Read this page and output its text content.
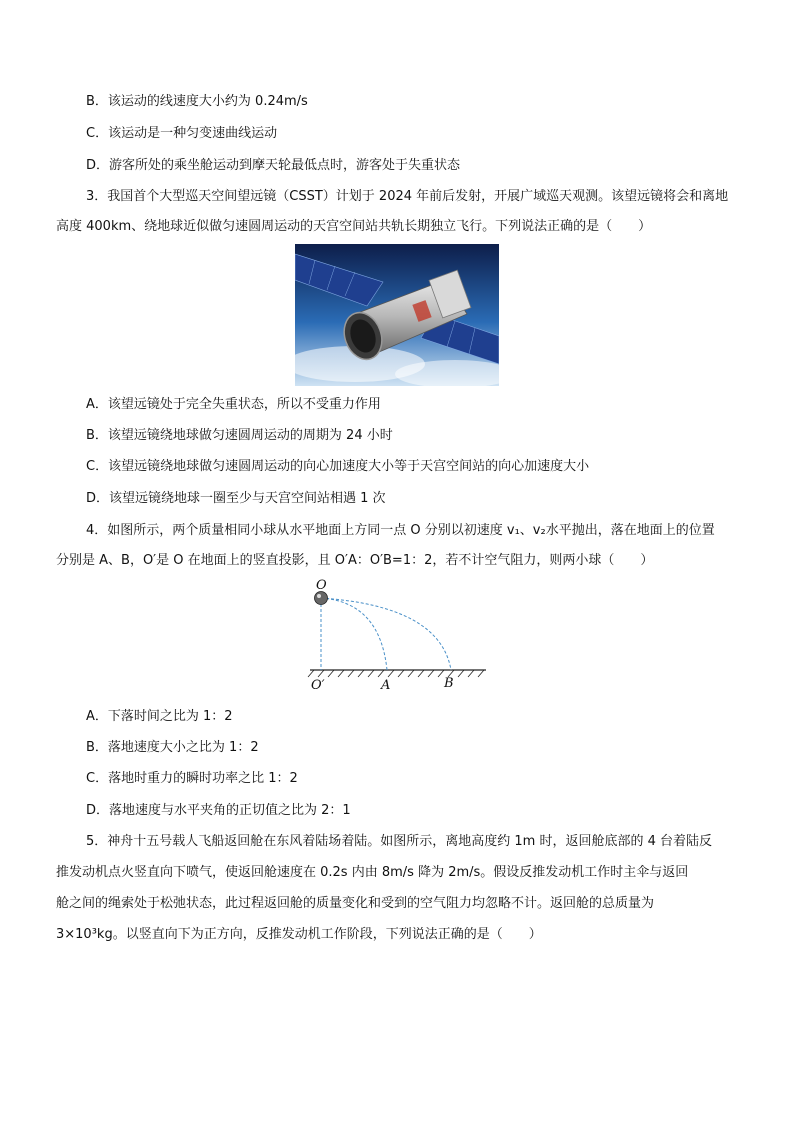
B．该运动的线速度大小约为 0.24m/s
C．该运动是一种匀变速曲线运动
D．游客所处的乘坐舱运动到摩天轮最低点时，游客处于失重状态
3．我国首个大型巡天空间望远镜（CSST）计划于 2024 年前后发射，开展广域巡天观测。该望远镜将会和离地
高度 400km、绕地球近似做匀速圆周运动的天宫空间站共轨长期独立飞行。下列说法正确的是（　　）
A．该望远镜处于完全失重状态，所以不受重力作用
B．该望远镜绕地球做匀速圆周运动的周期为 24 小时
C．该望远镜绕地球做匀速圆周运动的向心加速度大小等于天宫空间站的向心加速度大小
D．该望远镜绕地球一圈至少与天宫空间站相遇 1 次
4．如图所示，两个质量相同小球从水平地面上方同一点 O 分别以初速度 v₁、v₂水平抛出，落在地面上的位置
分别是 A、B，O′是 O 在地面上的竖直投影，且 O′A：O′B=1：2，若不计空气阻力，则两小球（　　）
O
O′	A	B
A．下落时间之比为 1：2
B．落地速度大小之比为 1：2
C．落地时重力的瞬时功率之比 1：2
D．落地速度与水平夹角的正切值之比为 2：1
5．神舟十五号载人飞船返回舱在东风着陆场着陆。如图所示，离地高度约 1m 时，返回舱底部的 4 台着陆反
推发动机点火竖直向下喷气，使返回舱速度在 0.2s 内由 8m/s 降为 2m/s。假设反推发动机工作时主伞与返回
舱之间的绳索处于松弛状态，此过程返回舱的质量变化和受到的空气阻力均忽略不计。返回舱的总质量为
3×10³kg。以竖直向下为正方向，反推发动机工作阶段，下列说法正确的是（　　）
